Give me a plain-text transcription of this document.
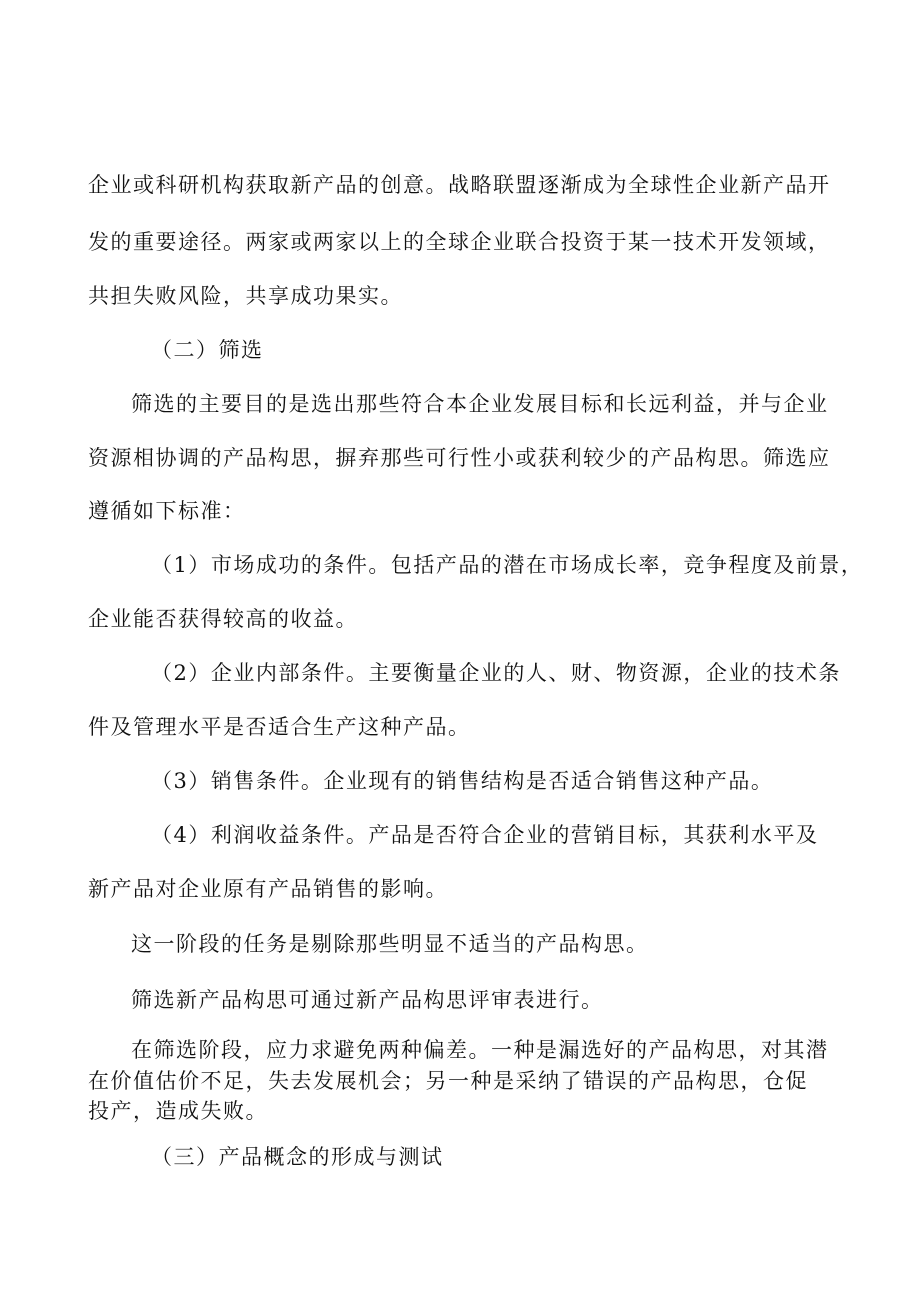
企业或科研机构获取新产品的创意。战略联盟逐渐成为全球性企业新产品开
发的重要途径。两家或两家以上的全球企业联合投资于某一技术开发领域，
共担失败风险，共享成功果实。
（二）筛选
筛选的主要目的是选出那些符合本企业发展目标和长远利益，并与企业
资源相协调的产品构思，摒弃那些可行性小或获利较少的产品构思。筛选应
遵循如下标准：
（1）市场成功的条件。包括产品的潜在市场成长率，竞争程度及前景，
企业能否获得较高的收益。
（2）企业内部条件。主要衡量企业的人、财、物资源，企业的技术条
件及管理水平是否适合生产这种产品。
（3）销售条件。企业现有的销售结构是否适合销售这种产品。
（4）利润收益条件。产品是否符合企业的营销目标，其获利水平及
新产品对企业原有产品销售的影响。
这一阶段的任务是剔除那些明显不适当的产品构思。
筛选新产品构思可通过新产品构思评审表进行。
在筛选阶段，应力求避免两种偏差。一种是漏选好的产品构思，对其潜
在价值估价不足，失去发展机会；另一种是采纳了错误的产品构思，仓促
投产，造成失败。
（三）产品概念的形成与测试
